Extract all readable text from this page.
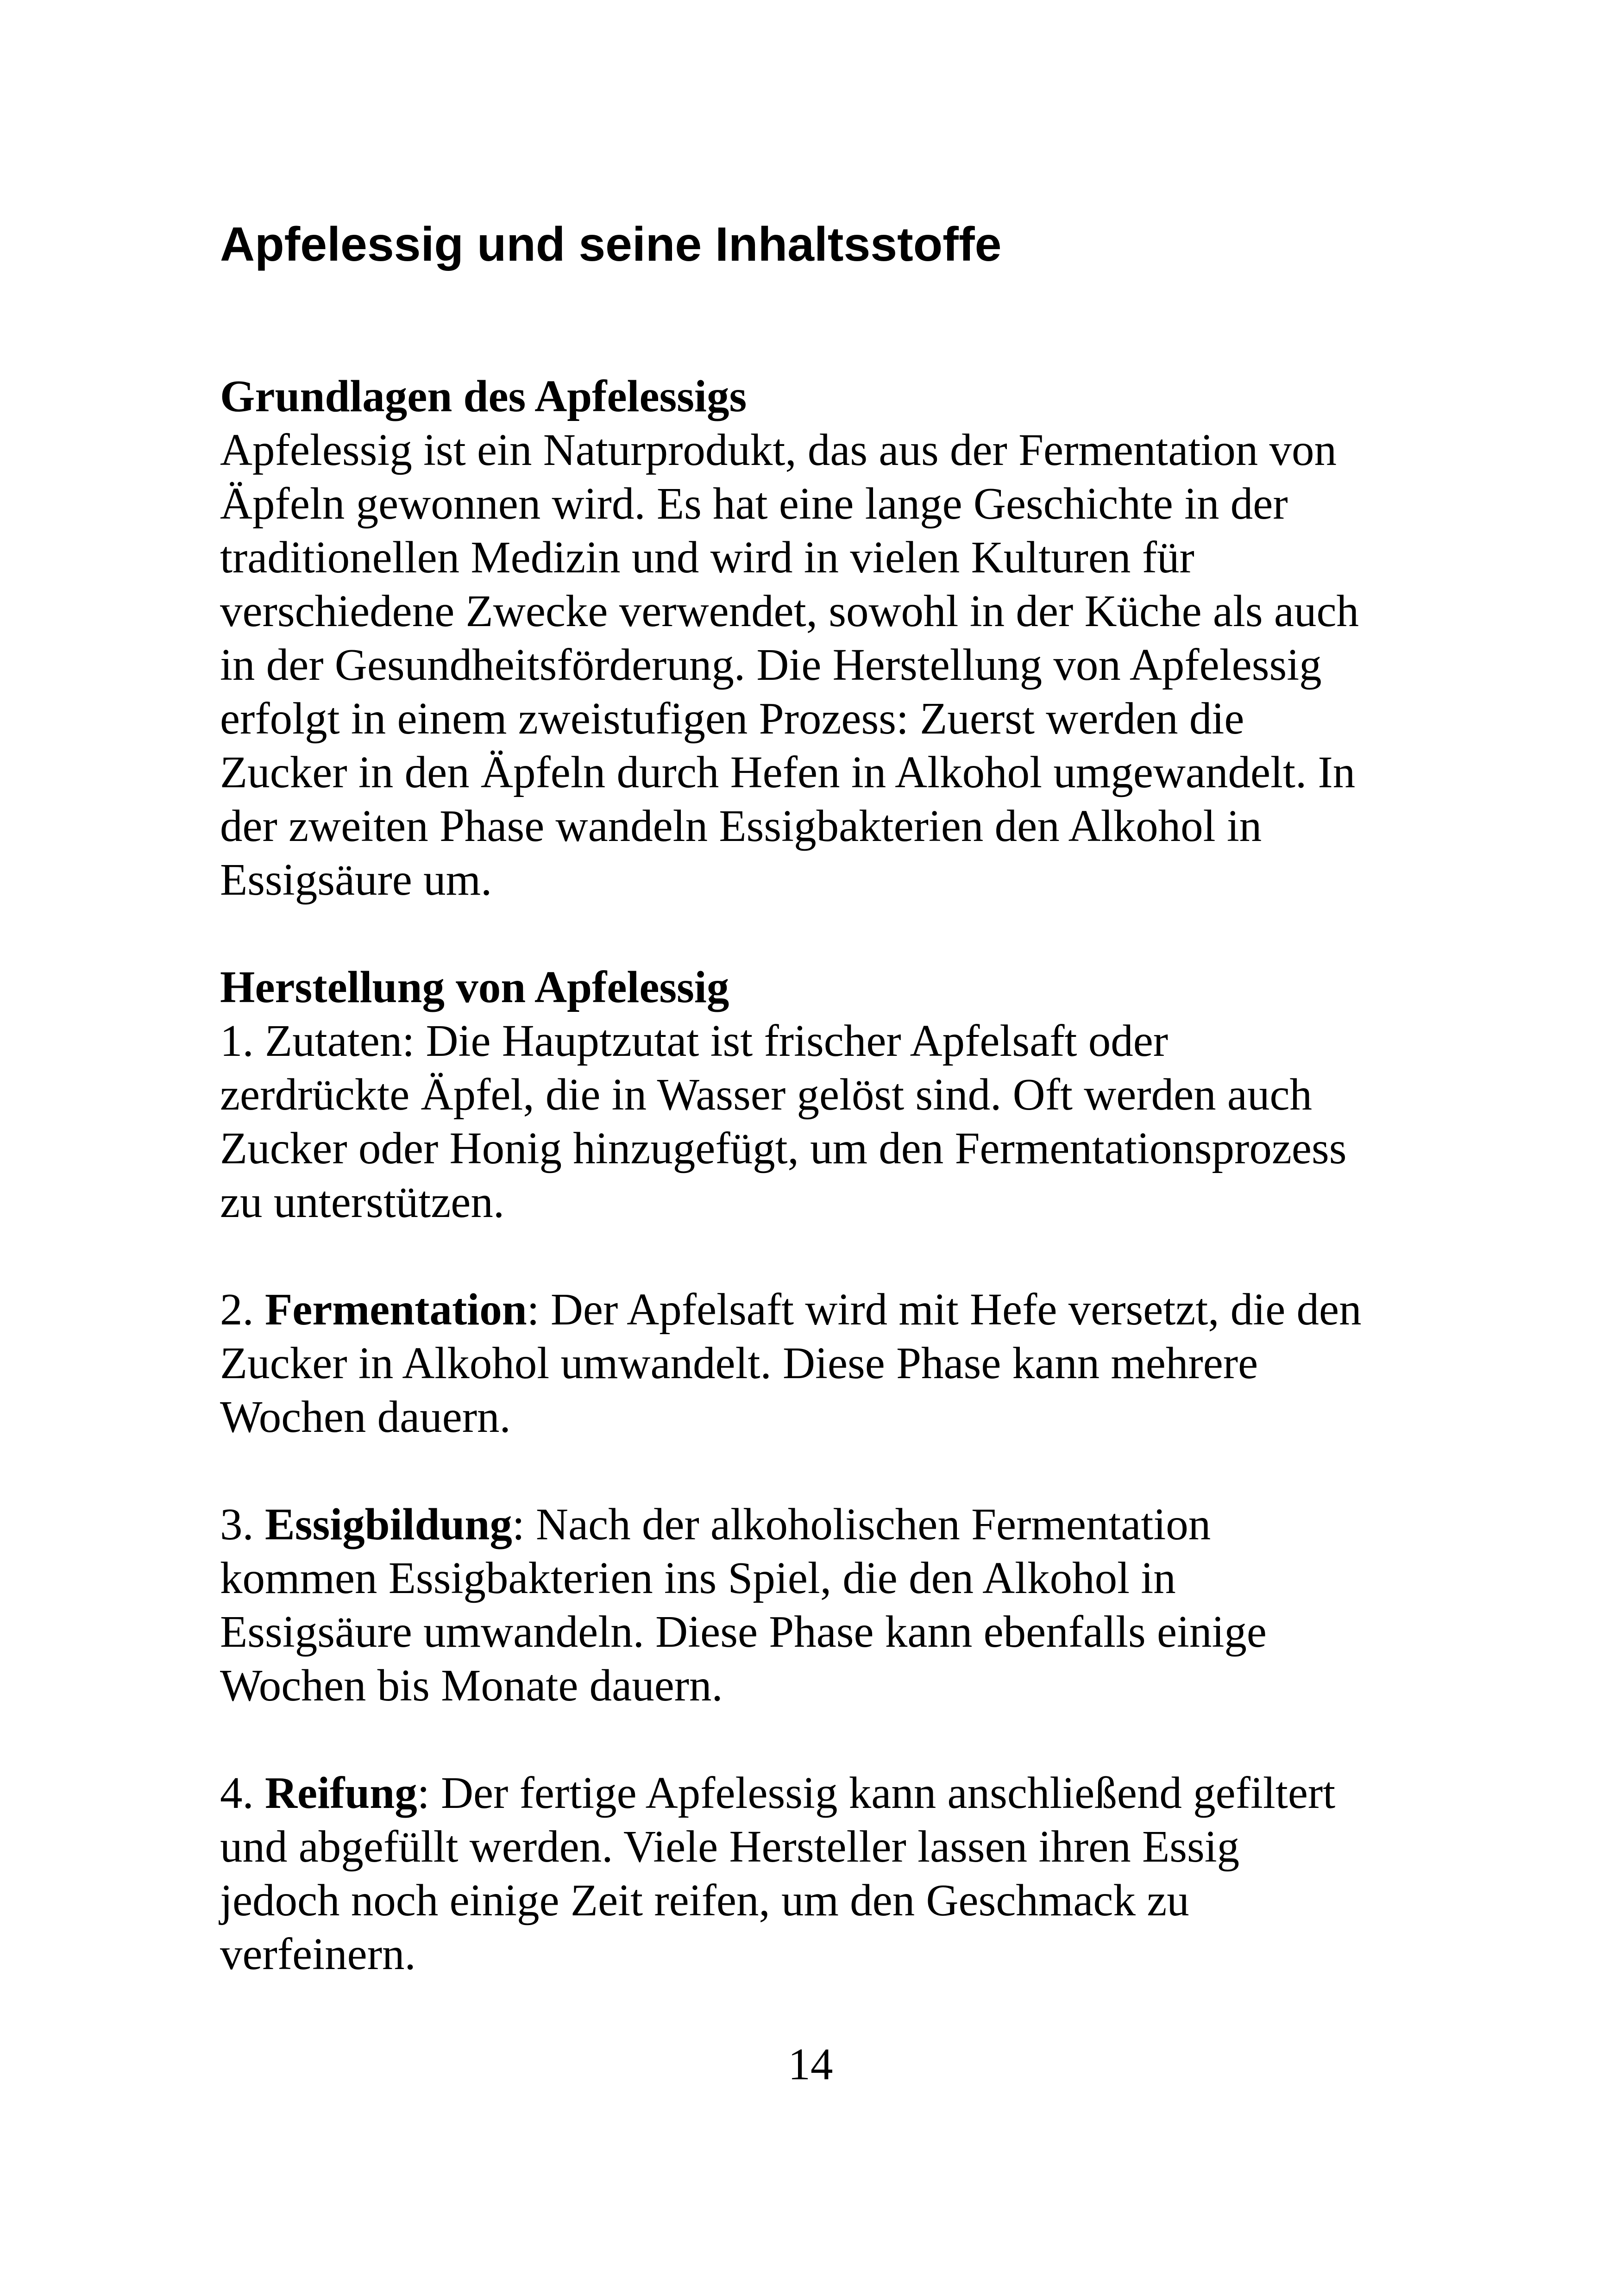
Apfelessig und seine Inhaltsstoffe
Grundlagen des Apfelessigs

Apfelessig ist ein Naturprodukt, das aus der Fermentation von
Äpfeln gewonnen wird. Es hat eine lange Geschichte in der
traditionellen Medizin und wird in vielen Kulturen für
verschiedene Zwecke verwendet, sowohl in der Küche als auch
in der Gesundheitsförderung. Die Herstellung von Apfelessig
erfolgt in einem zweistufigen Prozess: Zuerst werden die
Zucker in den Äpfeln durch Hefen in Alkohol umgewandelt. In
der zweiten Phase wandeln Essigbakterien den Alkohol in
Essigsäure um.

Herstellung von Apfelessig

1. Zutaten: Die Hauptzutat ist frischer Apfelsaft oder
zerdrückte Äpfel, die in Wasser gelöst sind. Oft werden auch
Zucker oder Honig hinzugefügt, um den Fermentationsprozess
zu unterstützen.

2. Fermentation: Der Apfelsaft wird mit Hefe versetzt, die den
Zucker in Alkohol umwandelt. Diese Phase kann mehrere
Wochen dauern.

3. Essigbildung: Nach der alkoholischen Fermentation
kommen Essigbakterien ins Spiel, die den Alkohol in
Essigsäure umwandeln. Diese Phase kann ebenfalls einige
Wochen bis Monate dauern.

4. Reifung: Der fertige Apfelessig kann anschließend gefiltert
und abgefüllt werden. Viele Hersteller lassen ihren Essig
jedoch noch einige Zeit reifen, um den Geschmack zu
verfeinern.

14
